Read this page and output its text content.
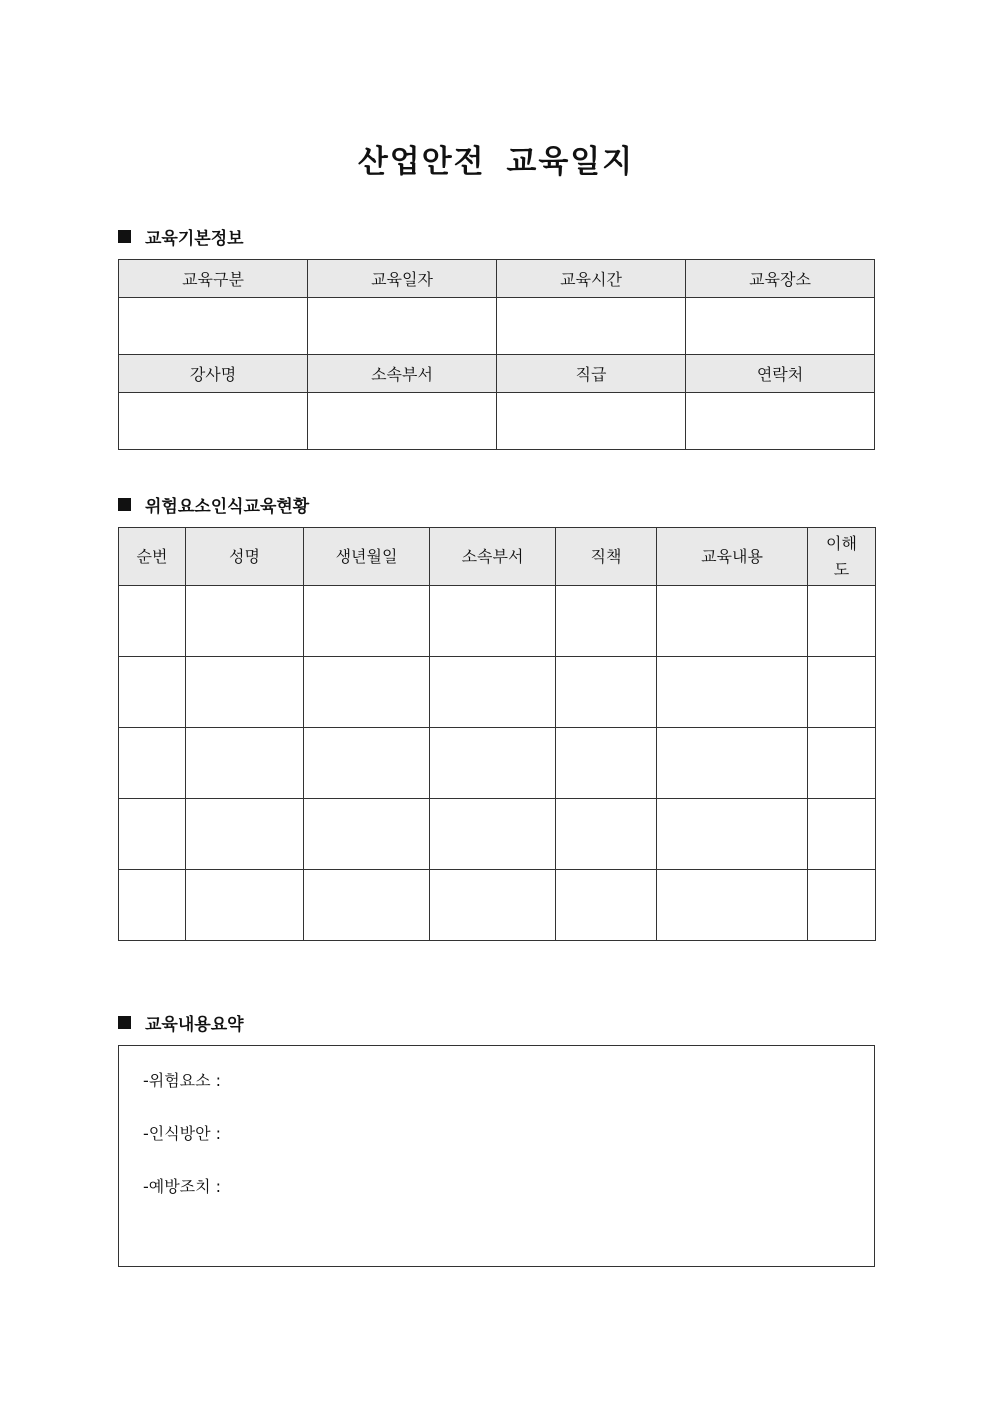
산업안전 교육일지
교육기본정보
교육구분	교육일자	교육시간	교육장소

강사명	소속부서	직급	연락처

위험요소인식교육현황
순번	성명	생년월일	소속부서	직책	교육내용	이해
도

교육내용요약
-위험요소 :
-인식방안 :
-예방조치 :
